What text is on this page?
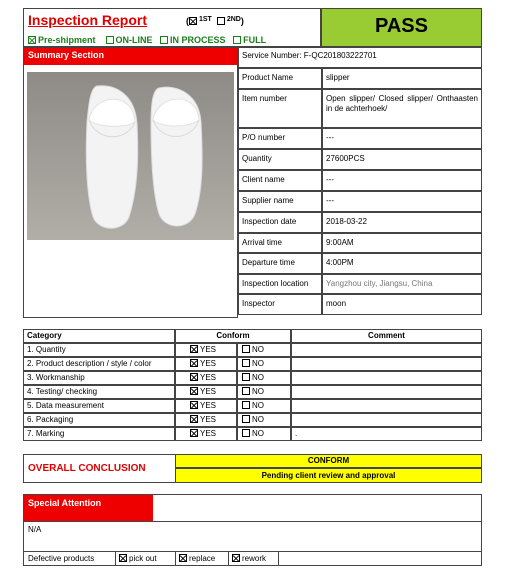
Inspection Report	( $^{1ST}$ $^{2ND}$)
Pre-shipment ON-LINE IN PROCESS FULL
PASS
Summary Section	Service Number: F-QC201803222701
Product Name	slipper
Item number	Open slipper/ Closed slipper/ Onthaasten in de achterhoek/
P/O number	---
Quantity	27600PCS
Client name	---
Supplier name	---
Inspection date	2018-03-22
Arrival time	9:00AM
Departure time	4:00PM
Inspection location Yangzhou city, Jiangsu, China
Inspector	moon
Category	Conform	Comment
1. Quantity	YES	NO
2. Product description / style / color	YES	NO
3. Workmanship	YES	NO
4. Testing/ checking	YES	NO
5. Data measurement	YES	NO
6. Packaging	YES	NO
7. Marking	YES	NO	.
OVERALL CONCLUSION
CONFORM
Pending client review and approval
Special Attention
N/A
Defective products	pick out	replace	rework
